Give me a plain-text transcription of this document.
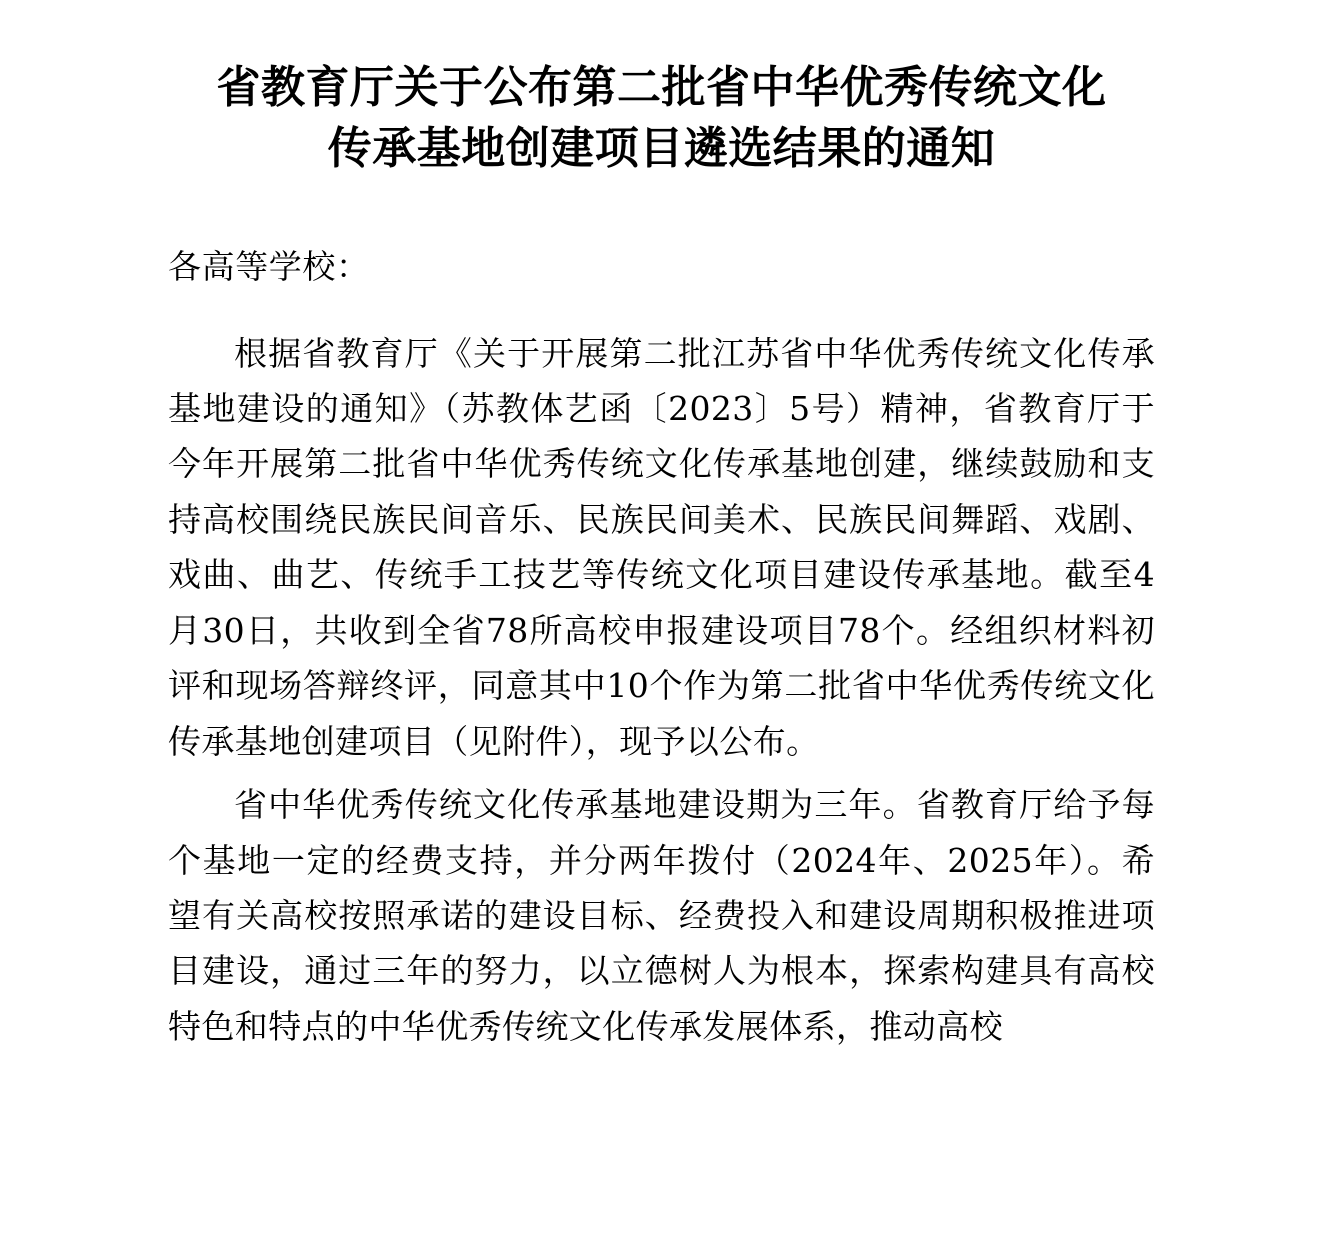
省教育厅关于公布第二批省中华优秀传统文化
传承基地创建项目遴选结果的通知

各高等学校：

根据省教育厅《关于开展第二批江苏省中华优秀传统文化传承基地建设的通知》（苏教体艺函〔2023〕5号）精神，省教育厅于今年开展第二批省中华优秀传统文化传承基地创建，继续鼓励和支持高校围绕民族民间音乐、民族民间美术、民族民间舞蹈、戏剧、戏曲、曲艺、传统手工技艺等传统文化项目建设传承基地。截至4月30日，共收到全省78所高校申报建设项目78个。经组织材料初评和现场答辩终评，同意其中10个作为第二批省中华优秀传统文化传承基地创建项目（见附件），现予以公布。

省中华优秀传统文化传承基地建设期为三年。省教育厅给予每个基地一定的经费支持，并分两年拨付（2024年、2025年）。希望有关高校按照承诺的建设目标、经费投入和建设周期积极推进项目建设，通过三年的努力，以立德树人为根本，探索构建具有高校特色和特点的中华优秀传统文化传承发展体系，推动高校
